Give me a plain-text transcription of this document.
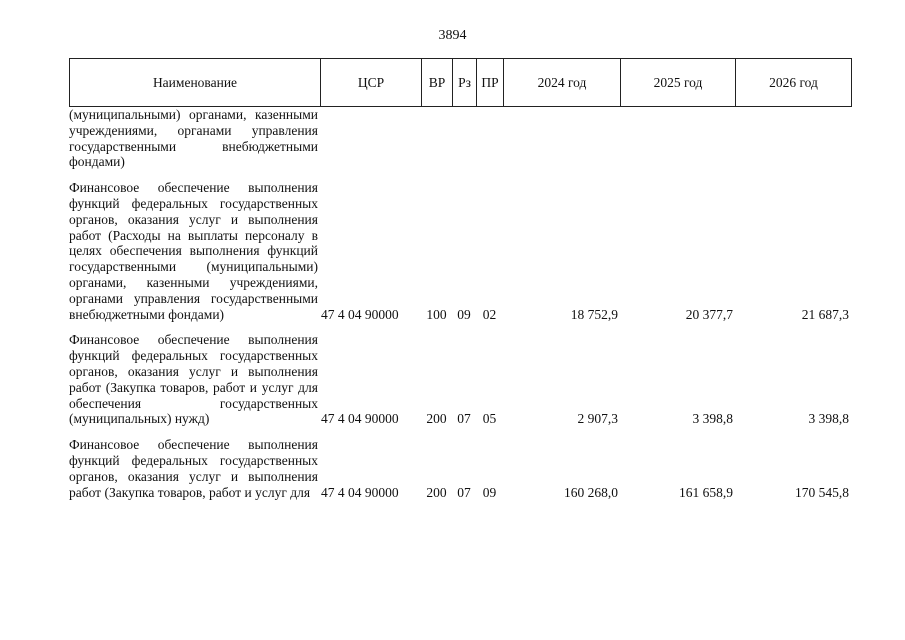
3894
Наименование	ЦСР	ВР	Рз	ПР	2024 год	2025 год	2026 год
(муниципальными) органами, казенными учреждениями, органами управления государственными внебюджетными фондами)							
Финансовое обеспечение выполнения функций федеральных государственных органов, оказания услуг и выполнения работ (Расходы на выплаты персоналу в целях обеспечения выполнения функций государственными (муниципальными) органами, казенными учреждениями, органами управления государственными внебюджетными фондами)	47 4 04 90000	100	09	02	18 752,9	20 377,7	21 687,3
Финансовое обеспечение выполнения функций федеральных государственных органов, оказания услуг и выполнения работ (Закупка товаров, работ и услуг для обеспечения государственных (муниципальных) нужд)	47 4 04 90000	200	07	05	2 907,3	3 398,8	3 398,8
Финансовое обеспечение выполнения функций федеральных государственных органов, оказания услуг и выполнения работ (Закупка товаров, работ и услуг для	47 4 04 90000	200	07	09	160 268,0	161 658,9	170 545,8
